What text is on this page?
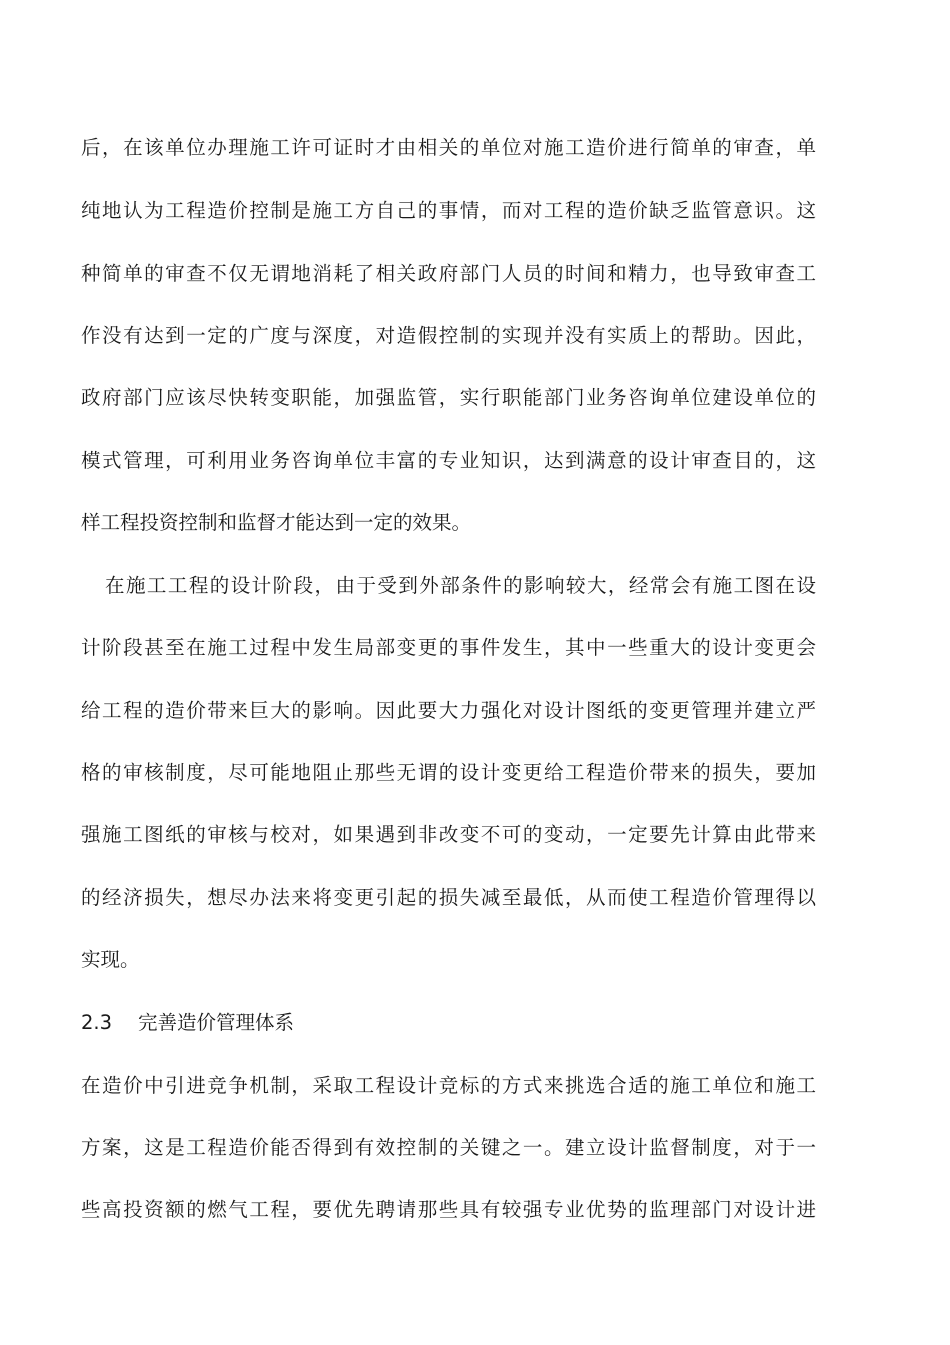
后，在该单位办理施工许可证时才由相关的单位对施工造价进行简单的审查，单
纯地认为工程造价控制是施工方自己的事情，而对工程的造价缺乏监管意识。这
种简单的审查不仅无谓地消耗了相关政府部门人员的时间和精力，也导致审查工
作没有达到一定的广度与深度，对造假控制的实现并没有实质上的帮助。因此，
政府部门应该尽快转变职能，加强监管，实行职能部门业务咨询单位建设单位的
模式管理，可利用业务咨询单位丰富的专业知识，达到满意的设计审查目的，这
样工程投资控制和监督才能达到一定的效果。
在施工工程的设计阶段，由于受到外部条件的影响较大，经常会有施工图在设
计阶段甚至在施工过程中发生局部变更的事件发生，其中一些重大的设计变更会
给工程的造价带来巨大的影响。因此要大力强化对设计图纸的变更管理并建立严
格的审核制度，尽可能地阻止那些无谓的设计变更给工程造价带来的损失，要加
强施工图纸的审核与校对，如果遇到非改变不可的变动，一定要先计算由此带来
的经济损失，想尽办法来将变更引起的损失减至最低，从而使工程造价管理得以
实现。
2.3 完善造价管理体系
在造价中引进竞争机制，采取工程设计竞标的方式来挑选合适的施工单位和施工
方案，这是工程造价能否得到有效控制的关键之一。建立设计监督制度，对于一
些高投资额的燃气工程，要优先聘请那些具有较强专业优势的监理部门对设计进
